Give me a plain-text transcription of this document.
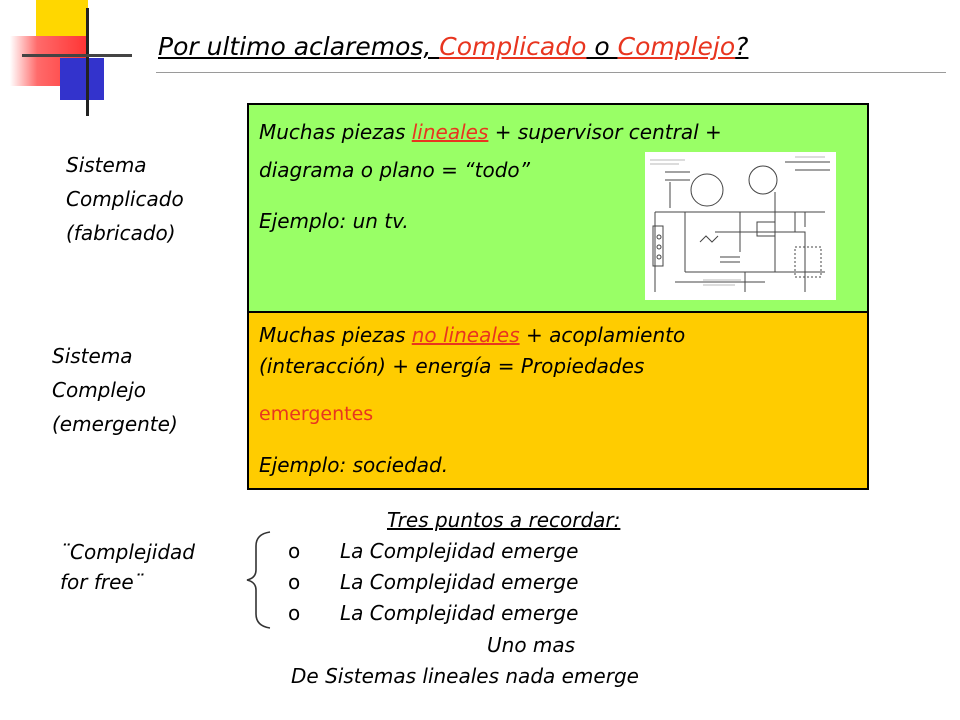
Por ultimo aclaremos, Complicado o Complejo?
Sistema
Complicado
(fabricado)
Sistema
Complejo
(emergente)
¨Complejidad
for free¨
Muchas piezas lineales + supervisor central +
diagrama o plano = “todo”
Ejemplo: un tv.
Muchas piezas no lineales + acoplamiento
(interacción) + energía = Propiedades
emergentes
Ejemplo: sociedad.
Tres puntos a recordar:
o La Complejidad emerge
o La Complejidad emerge
o La Complejidad emerge
Uno mas
De Sistemas lineales nada emerge
